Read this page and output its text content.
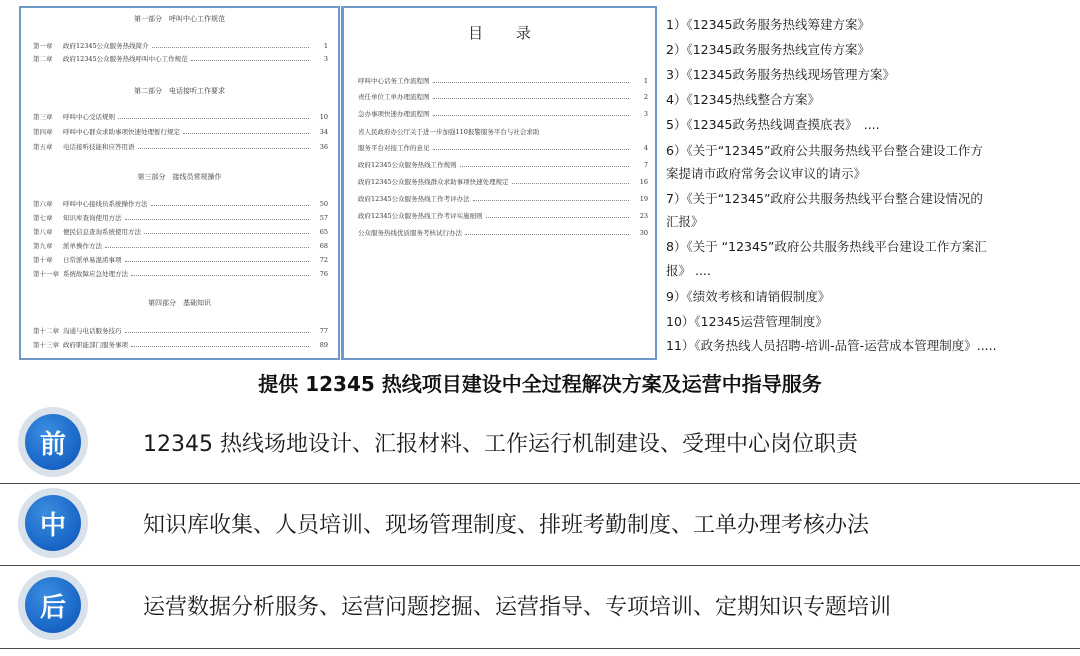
第一部分　呼叫中心工作规范
第一章	政府12345公众服务热线简介	1
第二章	政府12345公众服务热线呼叫中心工作规范	3
第二部分　电话接听工作要求
第三章	呼叫中心受话规则	10
第四章	呼叫中心群众求助事项快速处理暂行规定	34
第五章	电话接听技能和应答用语	36
第三部分　接线员常规操作
第六章	呼叫中心接线员系统操作方法	50
第七章	知识库查询使用方法	57
第八章	便民信息查询系统使用方法	65
第九章	派单操作方法	68
第十章	日常派单易混淆事项	72
第十一章 系统故障应急处理方法	76
第四部分　基础知识
第十二章 沟通与电话服务技巧	77
第十三章 政府职能部门服务事项	89
目 录
呼叫中心话务工作流程图	1
责任单位工单办理流程图	2
急办事项快速办理流程图	3
省人民政府办公厅关于进一步加强110报警服务平台与社会求助
服务平台对接工作的意见	4
政府12345公众服务热线工作规则	7
政府12345公众服务热线群众求助事项快速处理规定	16
政府12345公众服务热线工作考评办法	19
政府12345公众服务热线工作考评实施细则	23
公众服务热线优质服务考核试行办法	30
1）《12345政务服务热线筹建方案》
2）《12345政务服务热线宣传方案》
3）《12345政务服务热线现场管理方案》
4）《12345热线整合方案》
5）《12345政务热线调查摸底表》　....
6）《关于“12345”政府公共服务热线平台整合建设工作方
案提请市政府常务会议审议的请示》
7）《关于“12345”政府公共服务热线平台整合建设情况的
汇报》
8）《关于 “12345”政府公共服务热线平台建设工作方案汇
报》 ....
9）《绩效考核和请销假制度》
10）《12345运营管理制度》
11）《政务热线人员招聘-培训-品管-运营成本管理制度》.....
提供 12345 热线项目建设中全过程解决方案及运营中指导服务
前	12345 热线场地设计、汇报材料、工作运行机制建设、受理中心岗位职责
中	知识库收集、人员培训、现场管理制度、排班考勤制度、工单办理考核办法
后	运营数据分析服务、运营问题挖掘、运营指导、专项培训、定期知识专题培训
